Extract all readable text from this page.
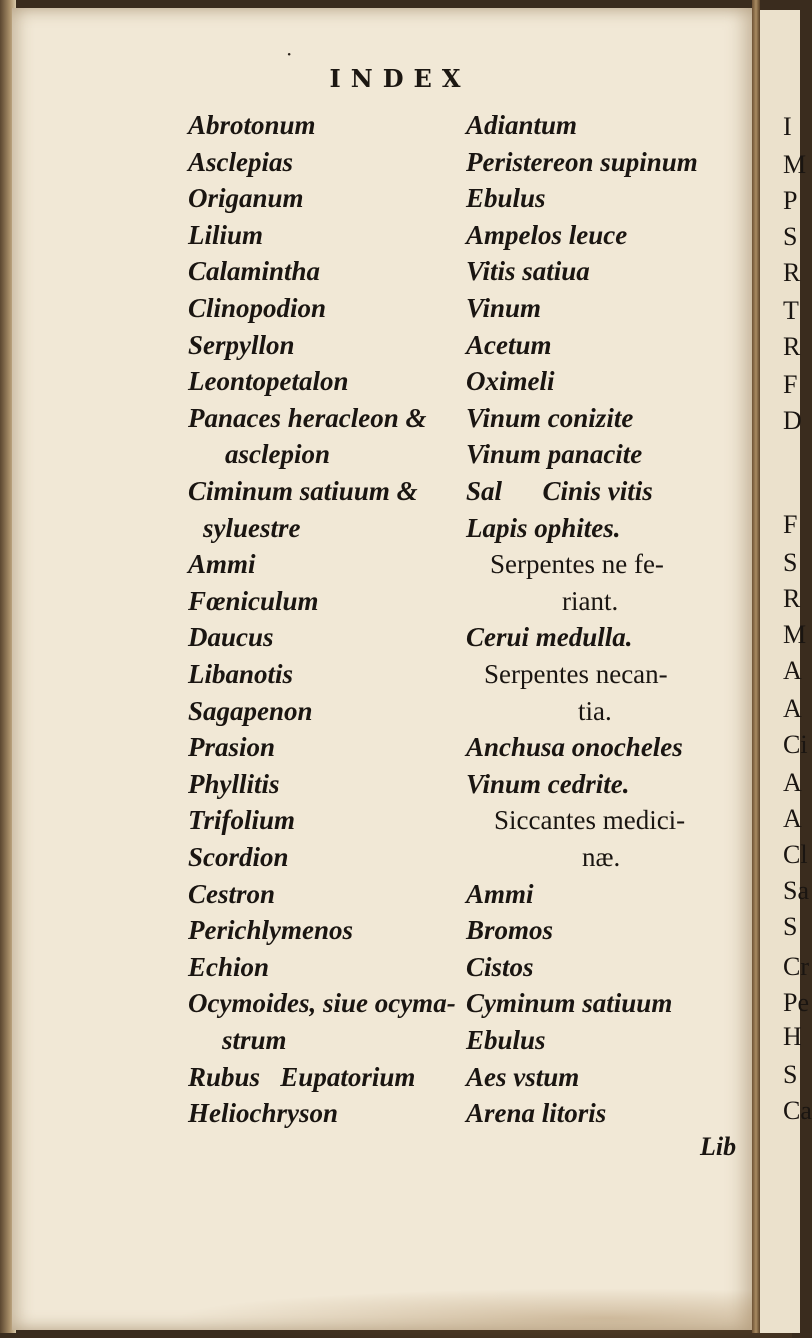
·
INDEX
Abrotonum
Asclepias
Origanum
Lilium
Calamintha
Clinopodion
Serpyllon
Leontopetalon
Panaces heracleon &
asclepion
Ciminum satiuum &
syluestre
Ammi
Fœniculum
Daucus
Libanotis
Sagapenon
Prasion
Phyllitis
Trifolium
Scordion
Cestron
Perichlymenos
Echion
Ocymoides, siue ocyma-
strum
Rubus   Eupatorium
Heliochryson
Adiantum
Peristereon supinum
Ebulus
Ampelos leuce
Vitis satiua
Vinum
Acetum
Oximeli
Vinum conizite
Vinum panacite
Sal      Cinis vitis
Lapis ophites.
Serpentes ne fe-
riant.
Cerui medulla.
Serpentes necan-
tia.
Anchusa onocheles
Vinum cedrite.
Siccantes medici-
næ.
Ammi
Bromos
Cistos
Cyminum satiuum
Ebulus
Aes vstum
Arena litoris
I
M
P
S
R
T
R
F
D
F
S
R
M
A
A
Ci
A
A
Cl
Sa
S
Cr
Pe
H
S
Ca
Lib
